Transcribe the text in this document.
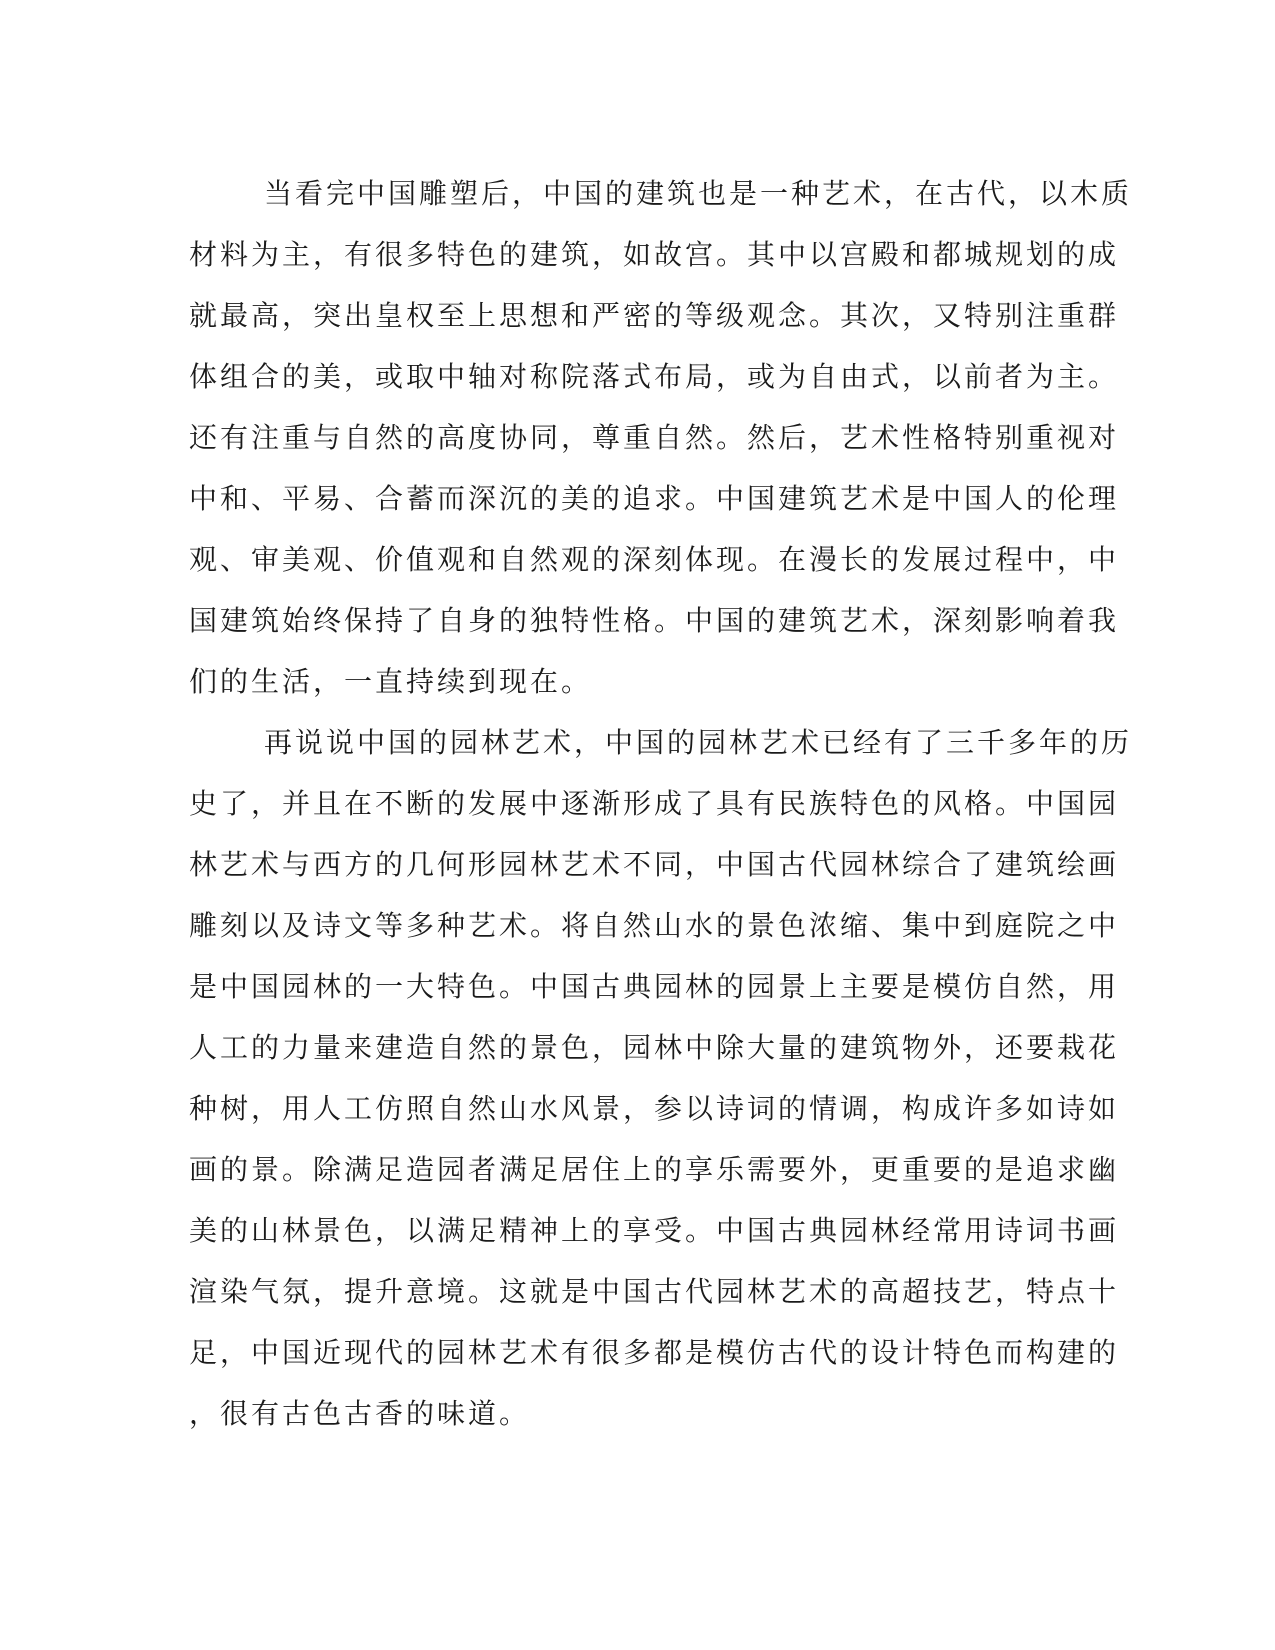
当看完中国雕塑后，中国的建筑也是一种艺术，在古代，以木质
材料为主，有很多特色的建筑，如故宫。其中以宫殿和都城规划的成
就最高，突出皇权至上思想和严密的等级观念。其次，又特别注重群
体组合的美，或取中轴对称院落式布局，或为自由式，以前者为主。
还有注重与自然的高度协同，尊重自然。然后，艺术性格特别重视对
中和、平易、合蓄而深沉的美的追求。中国建筑艺术是中国人的伦理
观、审美观、价值观和自然观的深刻体现。在漫长的发展过程中，中
国建筑始终保持了自身的独特性格。中国的建筑艺术，深刻影响着我
们的生活，一直持续到现在。
再说说中国的园林艺术，中国的园林艺术已经有了三千多年的历
史了，并且在不断的发展中逐渐形成了具有民族特色的风格。中国园
林艺术与西方的几何形园林艺术不同，中国古代园林综合了建筑绘画
雕刻以及诗文等多种艺术。将自然山水的景色浓缩、集中到庭院之中
是中国园林的一大特色。中国古典园林的园景上主要是模仿自然，用
人工的力量来建造自然的景色，园林中除大量的建筑物外，还要栽花
种树，用人工仿照自然山水风景，参以诗词的情调，构成许多如诗如
画的景。除满足造园者满足居住上的享乐需要外，更重要的是追求幽
美的山林景色，以满足精神上的享受。中国古典园林经常用诗词书画
渲染气氛，提升意境。这就是中国古代园林艺术的高超技艺，特点十
足，中国近现代的园林艺术有很多都是模仿古代的设计特色而构建的
，很有古色古香的味道。
